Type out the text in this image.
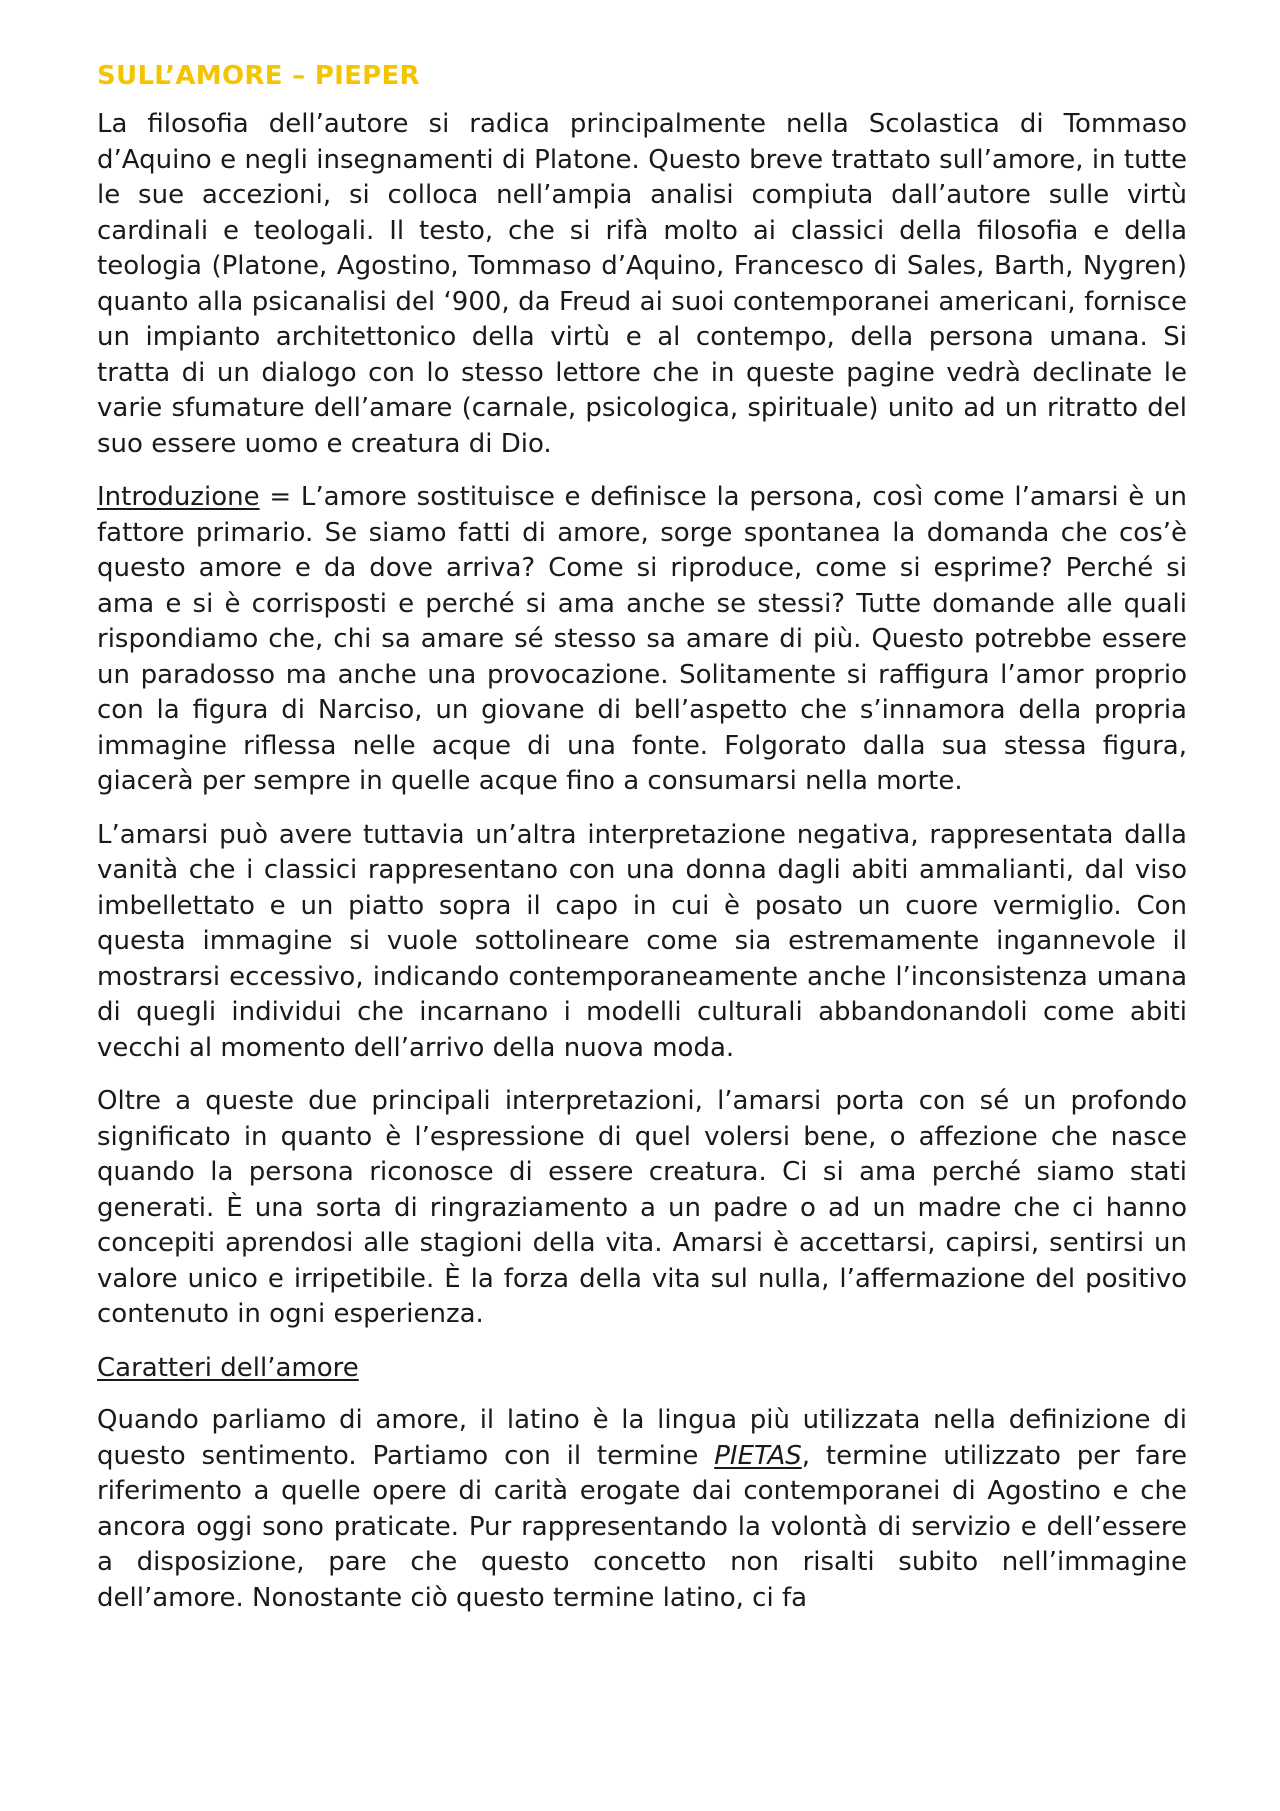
SULL’AMORE – PIEPER

La filosofia dell’autore si radica principalmente nella Scolastica di Tommaso d’Aquino e negli insegnamenti di Platone. Questo breve trattato sull’amore, in tutte le sue accezioni, si colloca nell’ampia analisi compiuta dall’autore sulle virtù cardinali e teologali. Il testo, che si rifà molto ai classici della filosofia e della teologia (Platone, Agostino, Tommaso d’Aquino, Francesco di Sales, Barth, Nygren) quanto alla psicanalisi del ‘900, da Freud ai suoi contemporanei americani, fornisce un impianto architettonico della virtù e al contempo, della persona umana. Si tratta di un dialogo con lo stesso lettore che in queste pagine vedrà declinate le varie sfumature dell’amare (carnale, psicologica, spirituale) unito ad un ritratto del suo essere uomo e creatura di Dio.

Introduzione = L’amore sostituisce e definisce la persona, così come l’amarsi è un fattore primario. Se siamo fatti di amore, sorge spontanea la domanda che cos’è questo amore e da dove arriva? Come si riproduce, come si esprime? Perché si ama e si è corrisposti e perché si ama anche se stessi? Tutte domande alle quali rispondiamo che, chi sa amare sé stesso sa amare di più. Questo potrebbe essere un paradosso ma anche una provocazione. Solitamente si raffigura l’amor proprio con la figura di Narciso, un giovane di bell’aspetto che s’innamora della propria immagine riflessa nelle acque di una fonte. Folgorato dalla sua stessa figura, giacerà per sempre in quelle acque fino a consumarsi nella morte.

L’amarsi può avere tuttavia un’altra interpretazione negativa, rappresentata dalla vanità che i classici rappresentano con una donna dagli abiti ammalianti, dal viso imbellettato e un piatto sopra il capo in cui è posato un cuore vermiglio. Con questa immagine si vuole sottolineare come sia estremamente ingannevole il mostrarsi eccessivo, indicando contemporaneamente anche l’inconsistenza umana di quegli individui che incarnano i modelli culturali abbandonandoli come abiti vecchi al momento dell’arrivo della nuova moda.

Oltre a queste due principali interpretazioni, l’amarsi porta con sé un profondo significato in quanto è l’espressione di quel volersi bene, o affezione che nasce quando la persona riconosce di essere creatura. Ci si ama perché siamo stati generati. È una sorta di ringraziamento a un padre o ad un madre che ci hanno concepiti aprendosi alle stagioni della vita. Amarsi è accettarsi, capirsi, sentirsi un valore unico e irripetibile. È la forza della vita sul nulla, l’affermazione del positivo contenuto in ogni esperienza.

Caratteri dell’amore

Quando parliamo di amore, il latino è la lingua più utilizzata nella definizione di questo sentimento. Partiamo con il termine PIETAS, termine utilizzato per fare riferimento a quelle opere di carità erogate dai contemporanei di Agostino e che ancora oggi sono praticate. Pur rappresentando la volontà di servizio e dell’essere a disposizione, pare che questo concetto non risalti subito nell’immagine dell’amore. Nonostante ciò questo termine latino, ci fa
